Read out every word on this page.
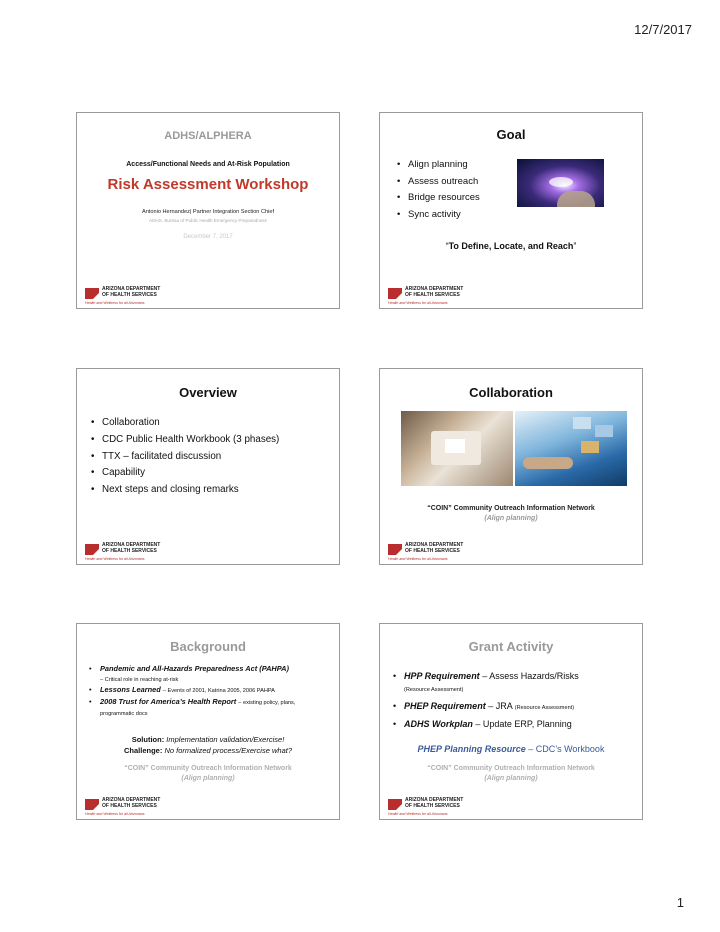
12/7/2017
ADHS/ALPHERA
Access/Functional Needs and At-Risk Population
Risk Assessment Workshop
Antonio Hernandez| Partner Integration Section Chief
ADHS, Bureau of Public Health Emergency Preparedness
December 7, 2017
ARIZONA DEPARTMENT
OF HEALTH SERVICES
Health and Wellness for all Arizonans
Goal
• Align planning
• Assess outreach
• Bridge resources
• Sync activity
“To Define, Locate, and Reach”
ARIZONA DEPARTMENT
OF HEALTH SERVICES
Health and Wellness for all Arizonans
Overview
• Collaboration
• CDC Public Health Workbook (3 phases)
• TTX – facilitated discussion
• Capability
• Next steps and closing remarks
ARIZONA DEPARTMENT
OF HEALTH SERVICES
Health and Wellness for all Arizonans
Collaboration
“COIN” Community Outreach Information Network
(Align planning)
ARIZONA DEPARTMENT
OF HEALTH SERVICES
Health and Wellness for all Arizonans
Background
• Pandemic and All-Hazards Preparedness Act (PAHPA)
– Critical role in reaching at-risk
• Lessons Learned – Events of 2001, Katrina 2005, 2006 PAHPA
• 2008 Trust for America’s Health Report – existing policy, plans, programmatic docs
Solution: Implementation validation/Exercise!
Challenge: No formalized process/Exercise what?
“COIN” Community Outreach Information Network
(Align planning)
ARIZONA DEPARTMENT
OF HEALTH SERVICES
Health and Wellness for all Arizonans
Grant Activity
• HPP Requirement – Assess Hazards/Risks
(Resource Assessment)
• PHEP Requirement – JRA (Resource Assessment)
• ADHS Workplan – Update ERP, Planning
PHEP Planning Resource – CDC’s Workbook
“COIN” Community Outreach Information Network
(Align planning)
ARIZONA DEPARTMENT
OF HEALTH SERVICES
Health and Wellness for all Arizonans
1
